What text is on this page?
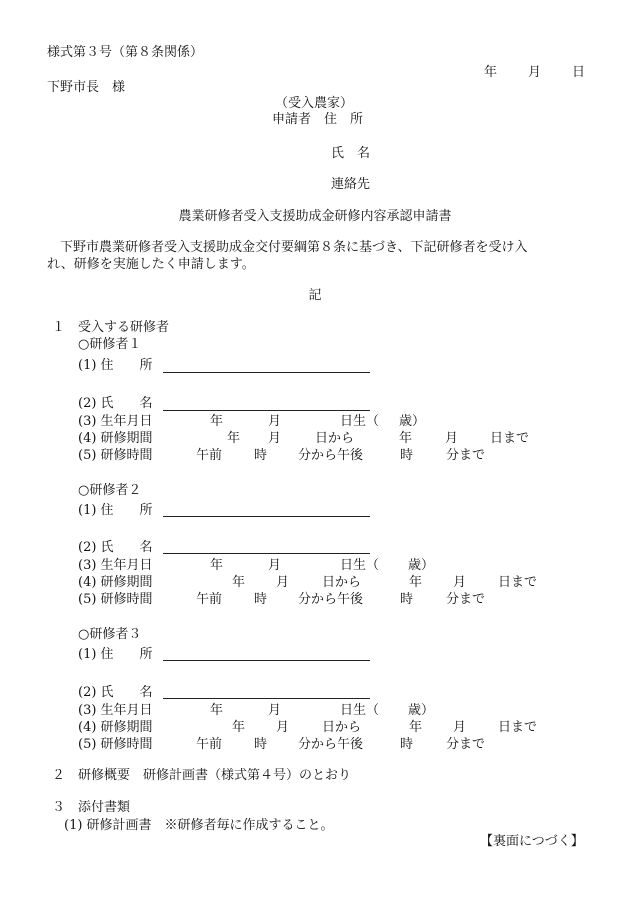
様式第３号（第８条関係）
年 月 日
下野市長　様
（受入農家）
申請者　住　所
氏　名
連絡先
農業研修者受入支援助成金研修内容承認申請書
下野市農業研修者受入支援助成金交付要綱第８条に基づき、下記研修者を受け入
れ、研修を実施したく申請します。
記
１ 受入する研修者
○研修者１
(1) 住　　所
(2) 氏　　名
(3) 生年月日	年	月	日生（ 歳）
(4) 研修期間	年 月	日から	年	月 日まで
(5) 研修時間	午前 時 分から午後	時	分まで
○研修者２
(1) 住　　所
(2) 氏　　名
(3) 生年月日	年	月	日生（ 歳）
(4) 研修期間	年 月	日から	年 月 日まで
(5) 研修時間	午前 時 分から午後	時	分まで
○研修者３
(1) 住　　所
(2) 氏　　名
(3) 生年月日	年	月	日生（ 歳）
(4) 研修期間	年 月	日から	年 月 日まで
(5) 研修時間	午前 時 分から午後	時	分まで
２ 研修概要　研修計画書（様式第４号）のとおり
３ 添付書類
(1) 研修計画書　※研修者毎に作成すること。
【裏面につづく】
